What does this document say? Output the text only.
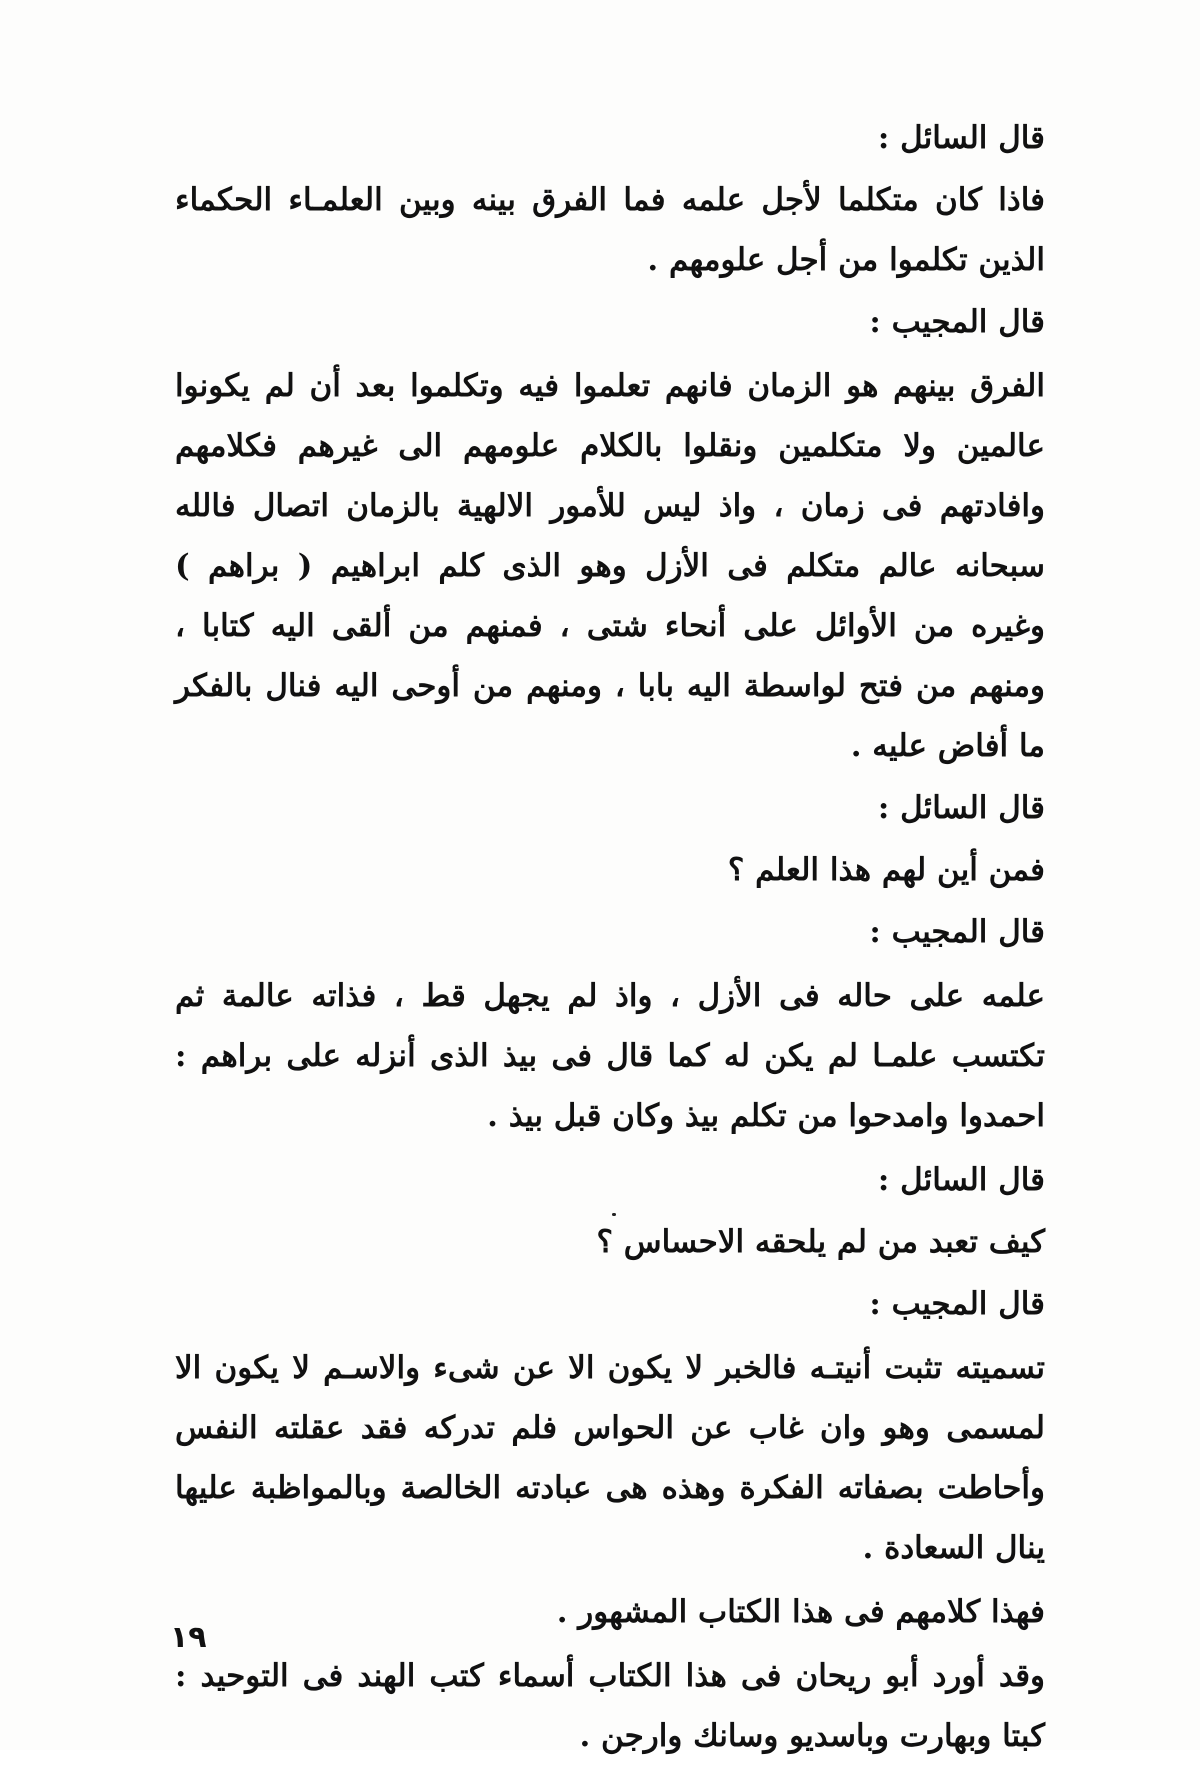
قال السائل :

فاذا كان متكلما لأجل علمه فما الفرق بينه وبين العلمـاء الحكماء الذين تكلموا من أجل علومهم .

قال المجيب :

الفرق بينهم هو الزمان فانهم تعلموا فيه وتكلموا بعد أن لم يكونوا عالمين ولا متكلمين ونقلوا بالكلام علومهم الى غيرهم فكلامهم وافادتهم فى زمان ، واذ ليس للأمور الالهية بالزمان اتصال فالله سبحانه عالم متكلم فى الأزل وهو الذى كلم ابراهيم ( براهم ) وغيره من الأوائل على أنحاء شتى ، فمنهم من ألقى اليه كتابا ، ومنهم من فتح لواسطة اليه بابا ، ومنهم من أوحى اليه فنال بالفكر ما أفاض عليه .

قال السائل :

فمن أين لهم هذا العلم ؟

قال المجيب :

علمه على حاله فى الأزل ، واذ لم يجهل قط ، فذاته عالمة ثم تكتسب علمـا لم يكن له كما قال فى بيذ الذى أنزله على براهم : احمدوا وامدحوا من تكلم بيذ وكان قبل بيذ .

قال السائل :

كيف تعبد من لم يلحقه الاحساس ؟

قال المجيب :

تسميته تثبت أنيتـه فالخبر لا يكون الا عن شىء والاسـم لا يكون الا لمسمى وهو وان غاب عن الحواس فلم تدركه فقد عقلته النفس وأحاطت بصفاته الفكرة وهذه هى عبادته الخالصة وبالمواظبة عليها ينال السعادة .

فهذا كلامهم فى هذا الكتاب المشهور .

وقد أورد أبو ريحان فى هذا الكتاب أسماء كتب الهند فى التوحيد : كبتا وبهارت وباسديو وسانك وارجن .

١٩
